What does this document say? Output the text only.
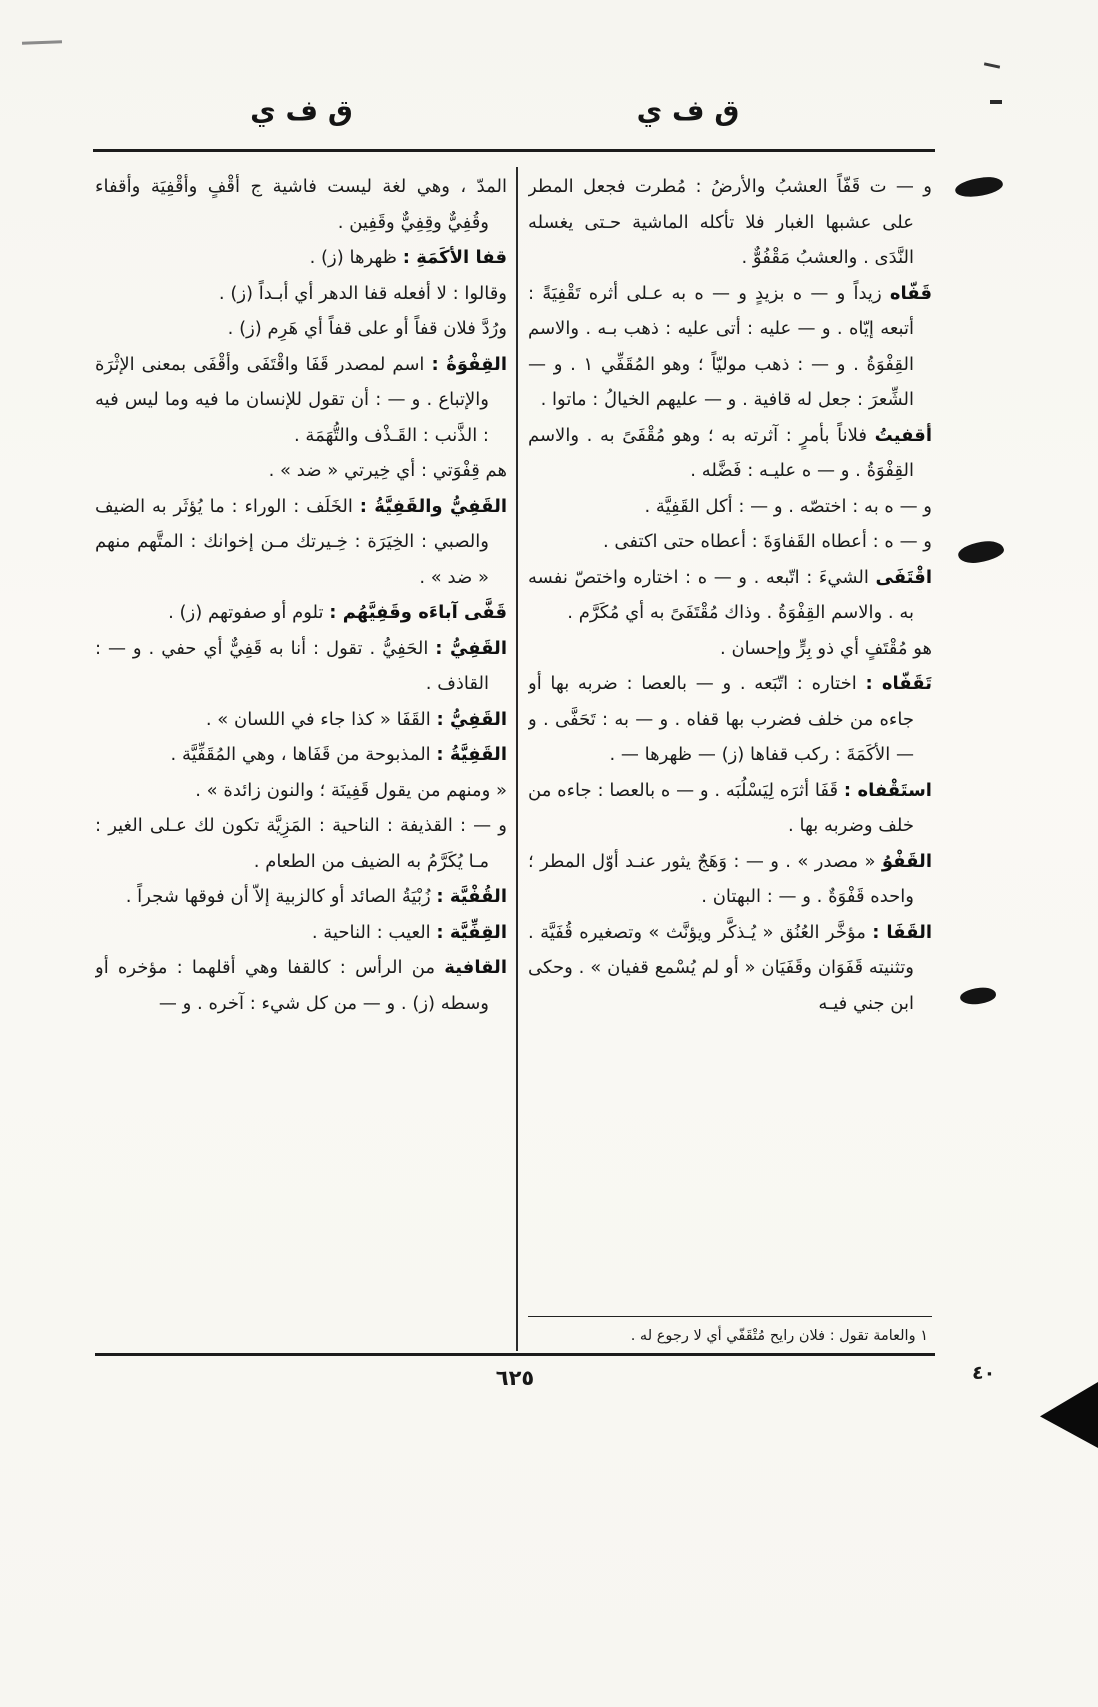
ق ف ي	ق ف ي

و — ت قَفّاً العشبُ والأرضُ : مُطرت فجعل المطر على عشبها الغبار فلا تأكله الماشية حـتى يغسله النَّدَى . والعشبُ مَقْفُوٌّ .

قَفّاه زيداً و — ه بزيدٍ و — ه به عـلى أثره تَقْفِيَةً : أتبعه إيّاه . و — عليه : أتى عليه : ذهب بـه . والاسم القِفْوَةُ . و — : ذهب موليّاً ؛ وهو المُقَفِّي ١ . و — الشِّعرَ : جعل له قافية . و — عليهم الخيالُ : ماتوا .

أقفيتُ فلاناً بأمرٍ : آثرته به ؛ وهو مُقْفَىً به . والاسم القِفْوَةُ . و — ه عليـه : فَضَّله .

و — ه به : اختصّه . و — : أكل القَفِيَّة .

و — ه : أعطاه القَفاوَةَ : أعطاه حتى اكتفى .

اقْتَفَى الشيءَ : اتّبعه . و — ه : اختاره واختصّ نفسه به . والاسم القِفْوَةُ . وذاك مُقْتَفَىً به أي مُكَرَّم .

هو مُقْتَفٍ أي ذو بِرٍّ وإحسان .

تَقَفّاه : اختاره : اتّبَعه . و — بالعصا : ضربه بها أو جاءه من خلف فضرب بها قفاه . و — به : تَحَفَّى . و — الأكَمَةَ : ركب قفاها (ز) — ظهرها — .

استَقْفاه : قَفَا أثرَه لِيَسْلُبَه . و — ه بالعصا : جاءه من خلف وضربه بها .

القَفْوُ « مصدر » . و — : وَهَجٌ يثور عنـد أوّل المطر ؛ واحده قَفْوَةٌ . و — : البهتان .

القَفَا : مؤخَّر العُنُق « يُـذكَّر ويؤنَّث » وتصغيره قُفَيَّة . وتثنيته قَفَوَان وقَفَيَان « أو لم يُسْمع قفيان » . وحكى ابن جني فيـه

١ والعامة تقول : فلان رايح مُتْقَفّي أي لا رجوع له .

المدّ ، وهي لغة ليست فاشية ج أقْفٍ وأقْفِيَة وأقفاء وقُفِيٌّ وقِفِيٌّ وقَفِين .

قفا الأكَمَةِ : ظهرها (ز) .

وقالوا : لا أفعله قفا الدهر أي أبـداً (ز) .

ورُدَّ فلان قفاً أو على قفاً أي هَرِم (ز) .

القِفْوَةُ : اسم لمصدر قَفَا واقْتَفَى وأقْفَى بمعنى الإثْرَة والإتباع . و — : أن تقول للإنسان ما فيه وما ليس فيه : الذَّنب : القَـذْف والتُّهَمَة .

هم قِفْوَتي : أي خِيرتي « ضد » .

القَفِيُّ والقَفِيَّةُ : الخَلَف : الوراء : ما يُؤثَر به الضيف والصبي : الخِيَرَة : خِـيرتك مـن إخوانك : المتَّهم منهم « ضد » .

قَفَّى آباءَه وقَفِيَّهُم : تلوم أو صفوتهم (ز) .

القَفِيُّ : الحَفِيُّ . تقول : أنا به قَفِيٌّ أي حفي . و — : القاذف .

القَفِيُّ : القَفَا « كذا جاء في اللسان » .

القَفِيَّةُ : المذبوحة من قَفَاها ، وهي المُقَفِّيَّة .

« ومنهم من يقول قَفِينَة ؛ والنون زائدة » .

و — : القذيفة : الناحية : المَزِيَّة تكون لك عـلى الغير : مـا يُكَرَّمُ به الضيف من الطعام .

القُفْيَّة : زُبْيَةُ الصائد أو كالزبية إلاّ أن فوقها شجراً .

القِفِّيَّة : العيب : الناحية .

القافية من الرأس : كالقفا وهي أقلهما : مؤخره أو وسطه (ز) . و — من كل شيء : آخره . و —

٦٢٥	٤٠
